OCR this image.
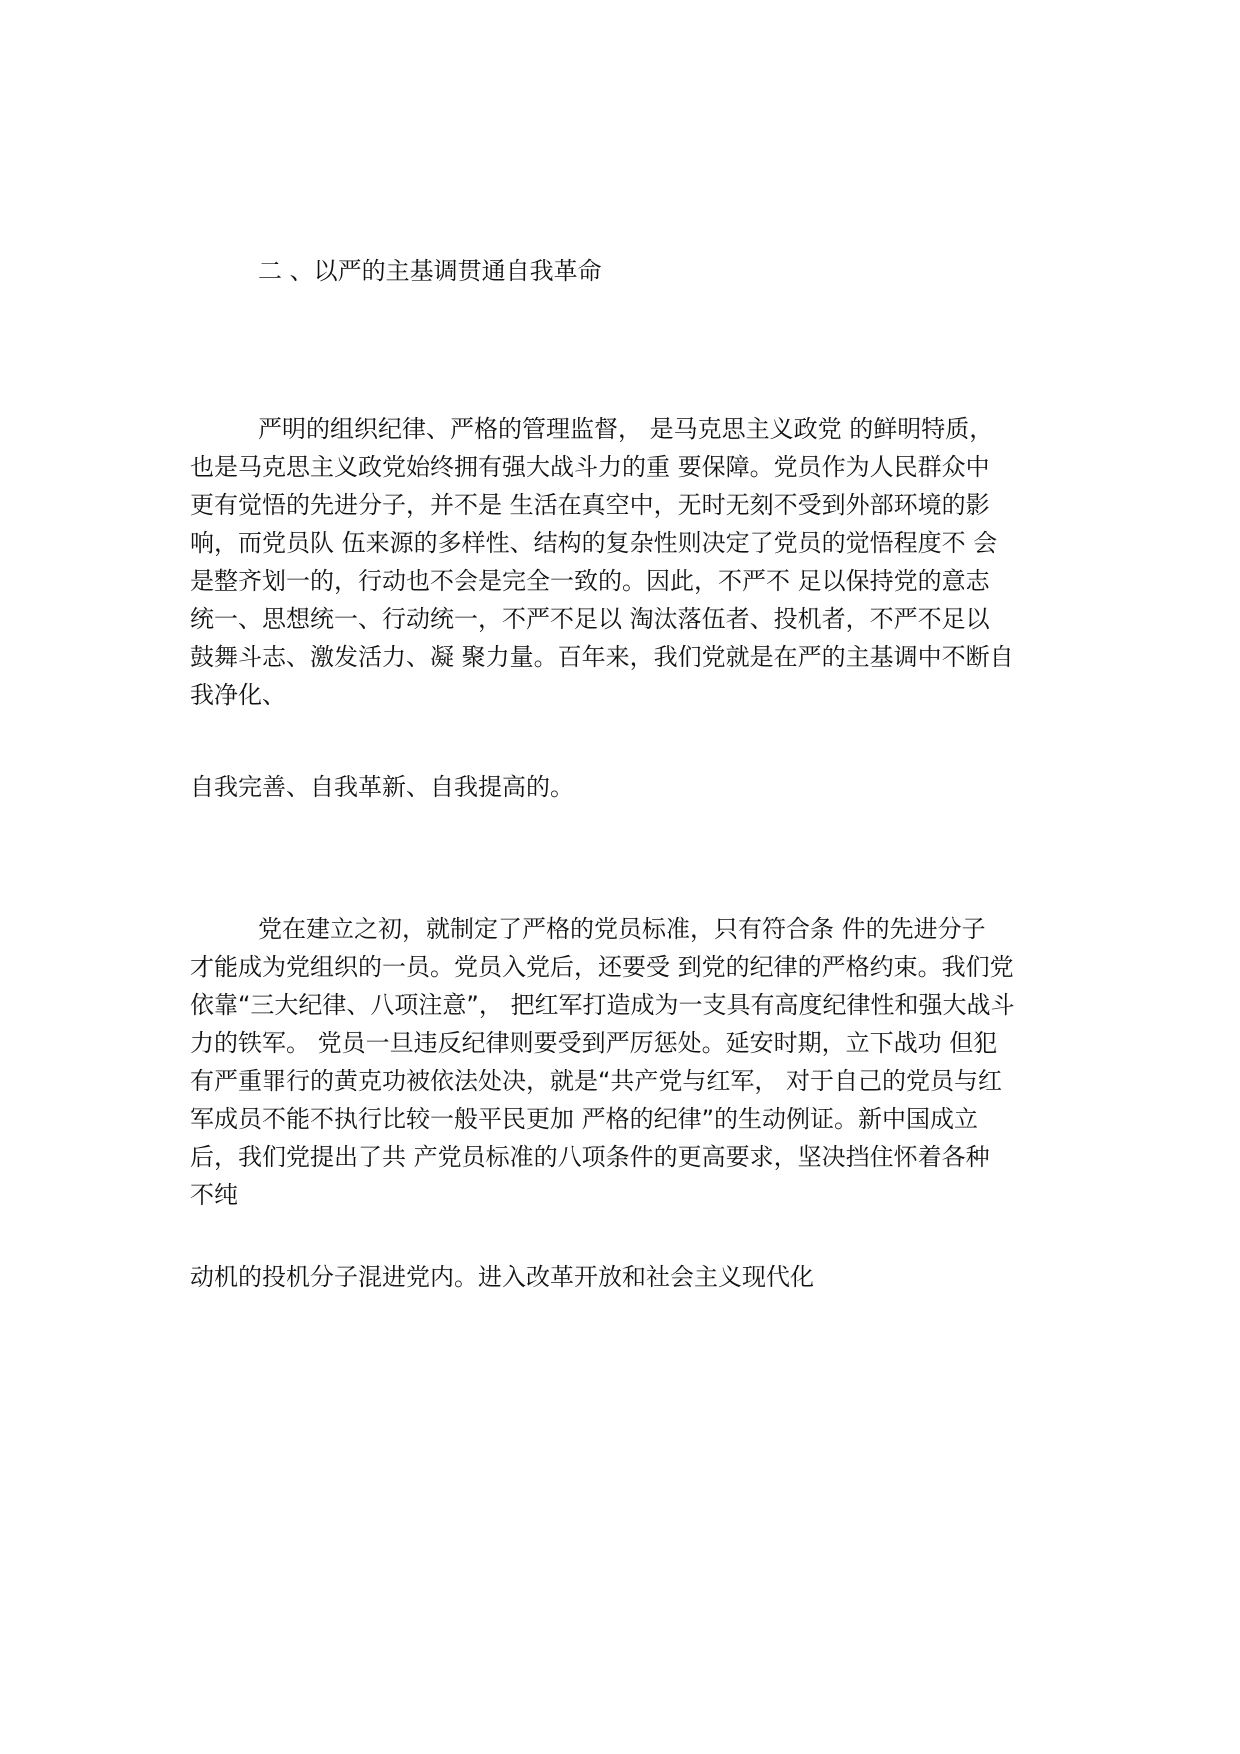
二 、以严的主基调贯通自我革命
严明的组织纪律、严格的管理监督， 是马克思主义政党 的鲜明特质，
也是马克思主义政党始终拥有强大战斗力的重 要保障。党员作为人民群众中
更有觉悟的先进分子，并不是 生活在真空中，无时无刻不受到外部环境的影
响，而党员队 伍来源的多样性、结构的复杂性则决定了党员的觉悟程度不 会
是整齐划一的，行动也不会是完全一致的。因此，不严不 足以保持党的意志
统一、思想统一、行动统一，不严不足以 淘汰落伍者、投机者，不严不足以
鼓舞斗志、激发活力、凝 聚力量。百年来，我们党就是在严的主基调中不断自
我净化、
自我完善、自我革新、自我提高的。
党在建立之初，就制定了严格的党员标准，只有符合条 件的先进分子
才能成为党组织的一员。党员入党后，还要受 到党的纪律的严格约束。我们党
依靠“三大纪律、八项注意”， 把红军打造成为一支具有高度纪律性和强大战斗
力的铁军。 党员一旦违反纪律则要受到严厉惩处。延安时期，立下战功 但犯
有严重罪行的黄克功被依法处决，就是“共产党与红军， 对于自己的党员与红
军成员不能不执行比较一般平民更加 严格的纪律”的生动例证。新中国成立
后，我们党提出了共 产党员标准的八项条件的更高要求，坚决挡住怀着各种
不纯
动机的投机分子混进党内。进入改革开放和社会主义现代化
